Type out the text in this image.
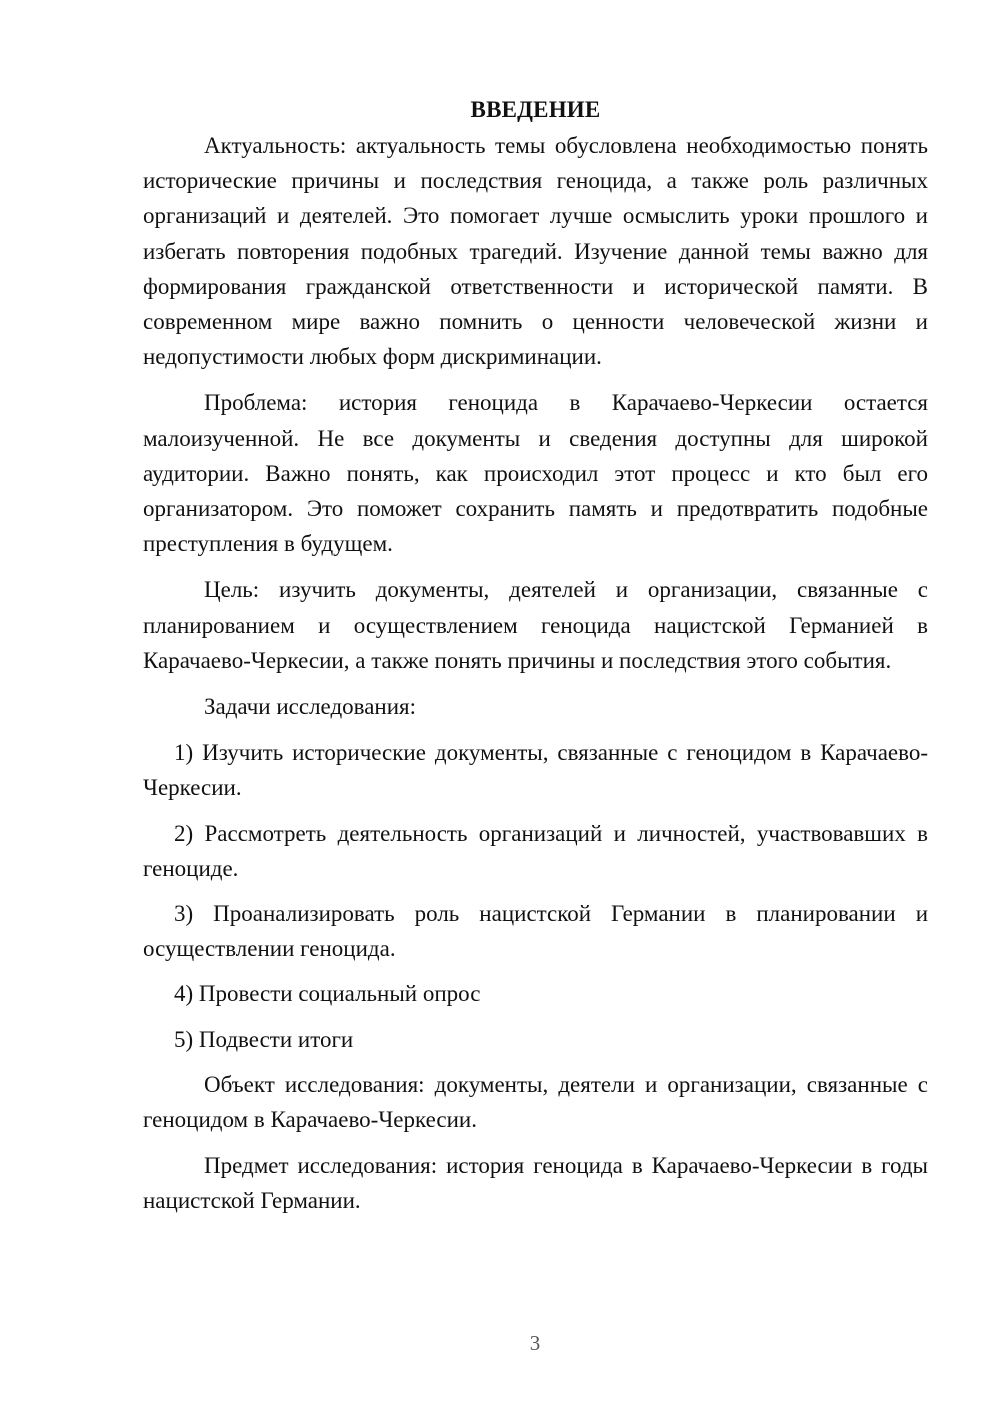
ВВЕДЕНИЕ

Актуальность: актуальность темы обусловлена необходимостью понять исторические причины и последствия геноцида, а также роль различных организаций и деятелей. Это помогает лучше осмыслить уроки прошлого и избегать повторения подобных трагедий. Изучение данной темы важно для формирования гражданской ответственности и исторической памяти. В современном мире важно помнить о ценности человеческой жизни и недопустимости любых форм дискриминации.

Проблема: история геноцида в Карачаево-Черкесии остается малоизученной. Не все документы и сведения доступны для широкой аудитории. Важно понять, как происходил этот процесс и кто был его организатором. Это поможет сохранить память и предотвратить подобные преступления в будущем.

Цель: изучить документы, деятелей и организации, связанные с планированием и осуществлением геноцида нацистской Германией в Карачаево-Черкесии, а также понять причины и последствия этого события.

Задачи исследования:

1) Изучить исторические документы, связанные с геноцидом в Карачаево-Черкесии.

2) Рассмотреть деятельность организаций и личностей, участвовавших в геноциде.

3) Проанализировать роль нацистской Германии в планировании и осуществлении геноцида.

4) Провести социальный опрос

5) Подвести итоги

Объект исследования: документы, деятели и организации, связанные с геноцидом в Карачаево-Черкесии.

Предмет исследования: история геноцида в Карачаево-Черкесии в годы нацистской Германии.

3
